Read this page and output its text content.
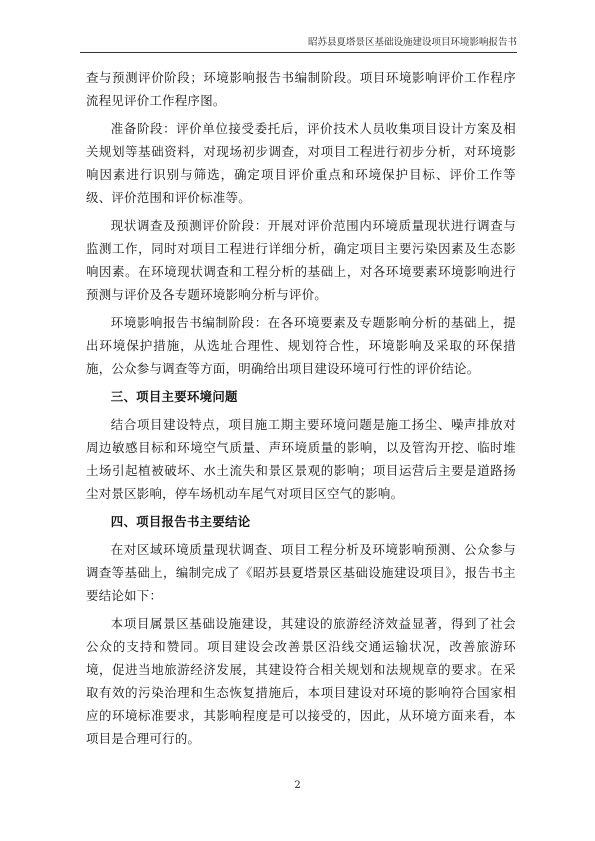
昭苏县夏塔景区基础设施建设项目环境影响报告书

查与预测评价阶段；环境影响报告书编制阶段。项目环境影响评价工作程序流程见评价工作程序图。

准备阶段：评价单位接受委托后，评价技术人员收集项目设计方案及相关规划等基础资料，对现场初步调查，对项目工程进行初步分析，对环境影响因素进行识别与筛选，确定项目评价重点和环境保护目标、评价工作等级、评价范围和评价标准等。

现状调查及预测评价阶段：开展对评价范围内环境质量现状进行调查与监测工作，同时对项目工程进行详细分析，确定项目主要污染因素及生态影响因素。在环境现状调查和工程分析的基础上，对各环境要素环境影响进行预测与评价及各专题环境影响分析与评价。

环境影响报告书编制阶段：在各环境要素及专题影响分析的基础上，提出环境保护措施，从选址合理性、规划符合性，环境影响及采取的环保措施，公众参与调查等方面，明确给出项目建设环境可行性的评价结论。

三、项目主要环境问题

结合项目建设特点，项目施工期主要环境问题是施工扬尘、噪声排放对周边敏感目标和环境空气质量、声环境质量的影响，以及管沟开挖、临时堆土场引起植被破坏、水土流失和景区景观的影响；项目运营后主要是道路扬尘对景区影响，停车场机动车尾气对项目区空气的影响。

四、项目报告书主要结论

在对区域环境质量现状调查、项目工程分析及环境影响预测、公众参与调查等基础上，编制完成了《昭苏县夏塔景区基础设施建设项目》，报告书主要结论如下：

本项目属景区基础设施建设，其建设的旅游经济效益显著，得到了社会公众的支持和赞同。项目建设会改善景区沿线交通运输状况，改善旅游环境，促进当地旅游经济发展，其建设符合相关规划和法规规章的要求。在采取有效的污染治理和生态恢复措施后，本项目建设对环境的影响符合国家相应的环境标准要求，其影响程度是可以接受的，因此，从环境方面来看，本项目是合理可行的。

2
